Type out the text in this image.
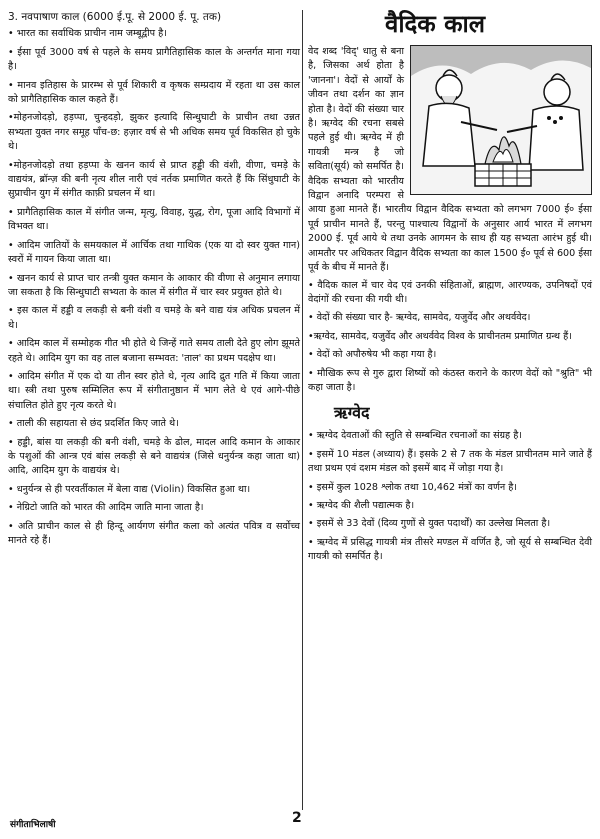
3. नवपाषाण काल (6000 ई.पू. से 2000 ई. पू. तक)

• भारत का सर्वाधिक प्राचीन नाम जम्बूद्वीप है।

• ईसा पूर्व 3000 वर्ष से पहले के समय प्रागैतिहासिक काल के अन्तर्गत माना गया है।

• मानव इतिहास के प्रारम्भ से पूर्व शिकारी व कृषक सम्प्रदाय में रहता था उस काल को प्रागैतिहासिक काल कहते हैं।

•मोहनजोदड़ो, हड़प्पा, चुन्हदड़ो, झुकर इत्यादि सिन्धुघाटी के प्राचीन तथा उन्नत सभ्यता युक्त नगर समूह पाँच-छ: हज़ार वर्ष से भी अधिक समय पूर्व विकसित हो चुके थे।

•मोहनजोदड़ो तथा हड़प्पा के खनन कार्य से प्राप्त हड्डी की वंशी, वीणा, चमड़े के वाद्ययंत्र, ब्रॉन्ज़ की बनी नृत्य शील नारी एवं नर्तक प्रमाणित करते हैं कि सिंधुघाटी के सुप्राचीन युग में संगीत काफ़ी प्रचलन में था।

• प्रागैतिहासिक काल में संगीत जन्म, मृत्यु, विवाह, युद्ध, रोग, पूजा आदि विभागों में विभक्त था।

• आदिम जातियों के समयकाल में आर्चिक तथा गाथिक (एक या दो स्वर युक्त गान) स्वरों में गायन किया जाता था।

• खनन कार्य से प्राप्त चार तन्त्री युक्त कमान के आकार की वीणा से अनुमान लगाया जा सकता है कि सिन्धुघाटी सभ्यता के काल में संगीत में चार स्वर प्रयुक्त होते थे।

• इस काल में हड्डी व लकड़ी से बनी वंशी व चमड़े के बने वाद्य यंत्र अधिक प्रचलन में थे।

• आदिम काल में सम्मोहक गीत भी होते थे जिन्हें गाते समय ताली देते हुए लोग झूमते रहते थे। आदिम युग का वह ताल बजाना सम्भवत: 'ताल' का प्रथम पदक्षेप था।

• आदिम संगीत में एक दो या तीन स्वर होते थे, नृत्य आदि द्रुत गति में किया जाता था। स्त्री तथा पुरुष सम्मिलित रूप में संगीतानुष्ठान में भाग लेते थे एवं आगे-पीछे संचालित होते हुए नृत्य करते थे।

• ताली की सहायता से छंद प्रदर्शित किए जाते थे।

• हड्डी, बांस या लकड़ी की बनी वंशी, चमड़े के ढोल, मादल आदि कमान के आकार के पशुओं की आन्त्र एवं बांस लकड़ी से बने वाद्ययंत्र (जिसे धनुर्यन्त्र कहा जाता था) आदि, आदिम युग के वाद्ययंत्र थे।

• धनुर्यन्त्र से ही परवर्तीकाल में बेला वाद्य (Violin) विकसित हुआ था।

• नेग्रिटो जाति को भारत की आदिम जाति माना जाता है।

• अति प्राचीन काल से ही हिन्दू आर्यगण संगीत कला को अत्यंत पवित्र व सर्वोच्च मानते रहे हैं।

वैदिक काल
वेद शब्द 'विद्' धातु से बना है, जिसका अर्थ होता है 'जानना'। वेदों से आर्यों के जीवन तथा दर्शन का ज्ञान होता है। वेदों की संख्या चार है। ऋग्वेद की रचना सबसे पहले हुई थी। ऋग्वेद में ही गायत्री मन्त्र है जो सविता(सूर्य) को समर्पित है। वैदिक सभ्यता को भारतीय विद्वान अनादि परम्परा से आया हुआ मानते हैं। भारतीय विद्वान वैदिक सभ्यता को लगभग 7000 ई० ईसा पूर्व प्राचीन मानते हैं, परन्तु पाश्चात्य विद्वानों के अनुसार आर्य भारत में लगभग 2000 ई. पूर्व आये थे तथा उनके आगमन के साथ ही यह सभ्यता आरंभ हुई थी। आमतौर पर अधिकतर विद्वान वैदिक सभ्यता का काल 1500 ई० पूर्व से 600 ईसा पूर्व के बीच में मानते हैं।

• वैदिक काल में चार वेद एवं उनकी संहिताओं, ब्राह्मण, आरण्यक, उपनिषदों एवं वेदांगों की रचना की गयी थी।

• वेदों की संख्या चार है- ऋग्वेद, सामवेद, यजुर्वेद और अथर्ववेद।

•ऋग्वेद, सामवेद, यजुर्वेद और अथर्ववेद विश्व के प्राचीनतम प्रमाणित ग्रन्थ हैं।

• वेदों को अपौरुषेय भी कहा गया है।

• मौखिक रूप से गुरु द्वारा शिष्यों को कंठस्त कराने के कारण वेदों को "श्रुति" भी कहा जाता है।

ऋग्वेद

• ऋग्वेद देवताओं की स्तुति से सम्बन्धित रचनाओं का संग्रह है।

• इसमें 10 मंडल (अध्याय) हैं। इसके 2 से 7 तक के मंडल प्राचीनतम माने जाते हैं तथा प्रथम एवं दशम मंडल को इसमें बाद में जोड़ा गया है।

• इसमें कुल 1028 श्लोक तथा 10,462 मंत्रों का वर्णन है।

• ऋग्वेद की शैली पद्यात्मक है।

• इसमें से 33 देवों (दिव्य गुणों से युक्त पदार्थों) का उल्लेख मिलता है।

• ऋग्वेद में प्रसिद्ध गायत्री मंत्र तीसरे मण्डल में वर्णित है, जो सूर्य से सम्बन्धित देवी गायत्री को समर्पित है।

संगीताभिलाषी	2
